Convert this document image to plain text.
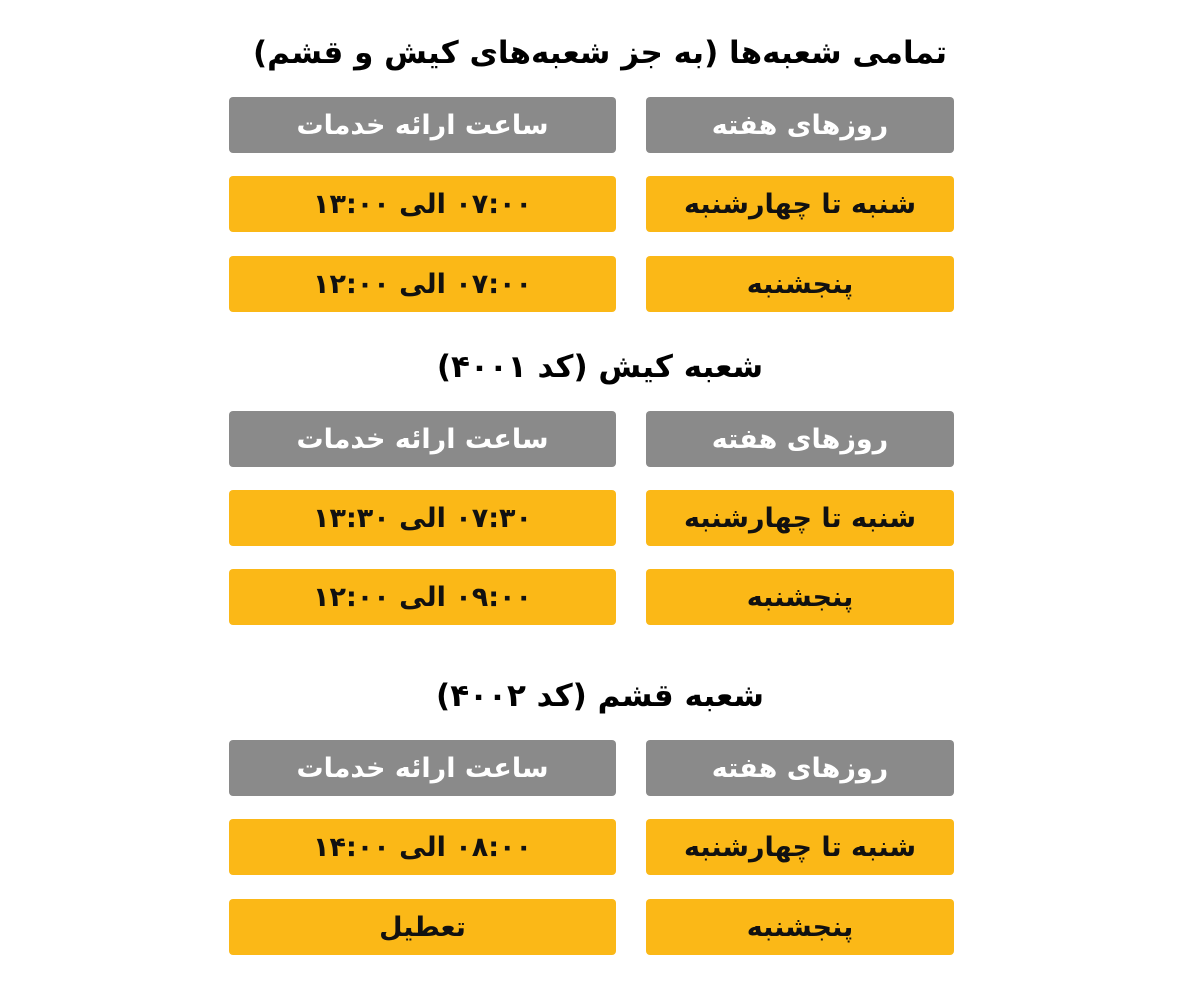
تمامی شعبه‌ها (به جز شعبه‌های کیش و قشم)
روزهای هفته
ساعت ارائه خدمات
شنبه تا چهارشنبه
۰۷:۰۰ الی ۱۳:۰۰
پنجشنبه
۰۷:۰۰ الی ۱۲:۰۰
شعبه کیش (کد ۴۰۰۱)
روزهای هفته
ساعت ارائه خدمات
شنبه تا چهارشنبه
۰۷:۳۰ الی ۱۳:۳۰
پنجشنبه
۰۹:۰۰ الی ۱۲:۰۰
شعبه قشم (کد ۴۰۰۲)
روزهای هفته
ساعت ارائه خدمات
شنبه تا چهارشنبه
۰۸:۰۰ الی ۱۴:۰۰
پنجشنبه
تعطیل
